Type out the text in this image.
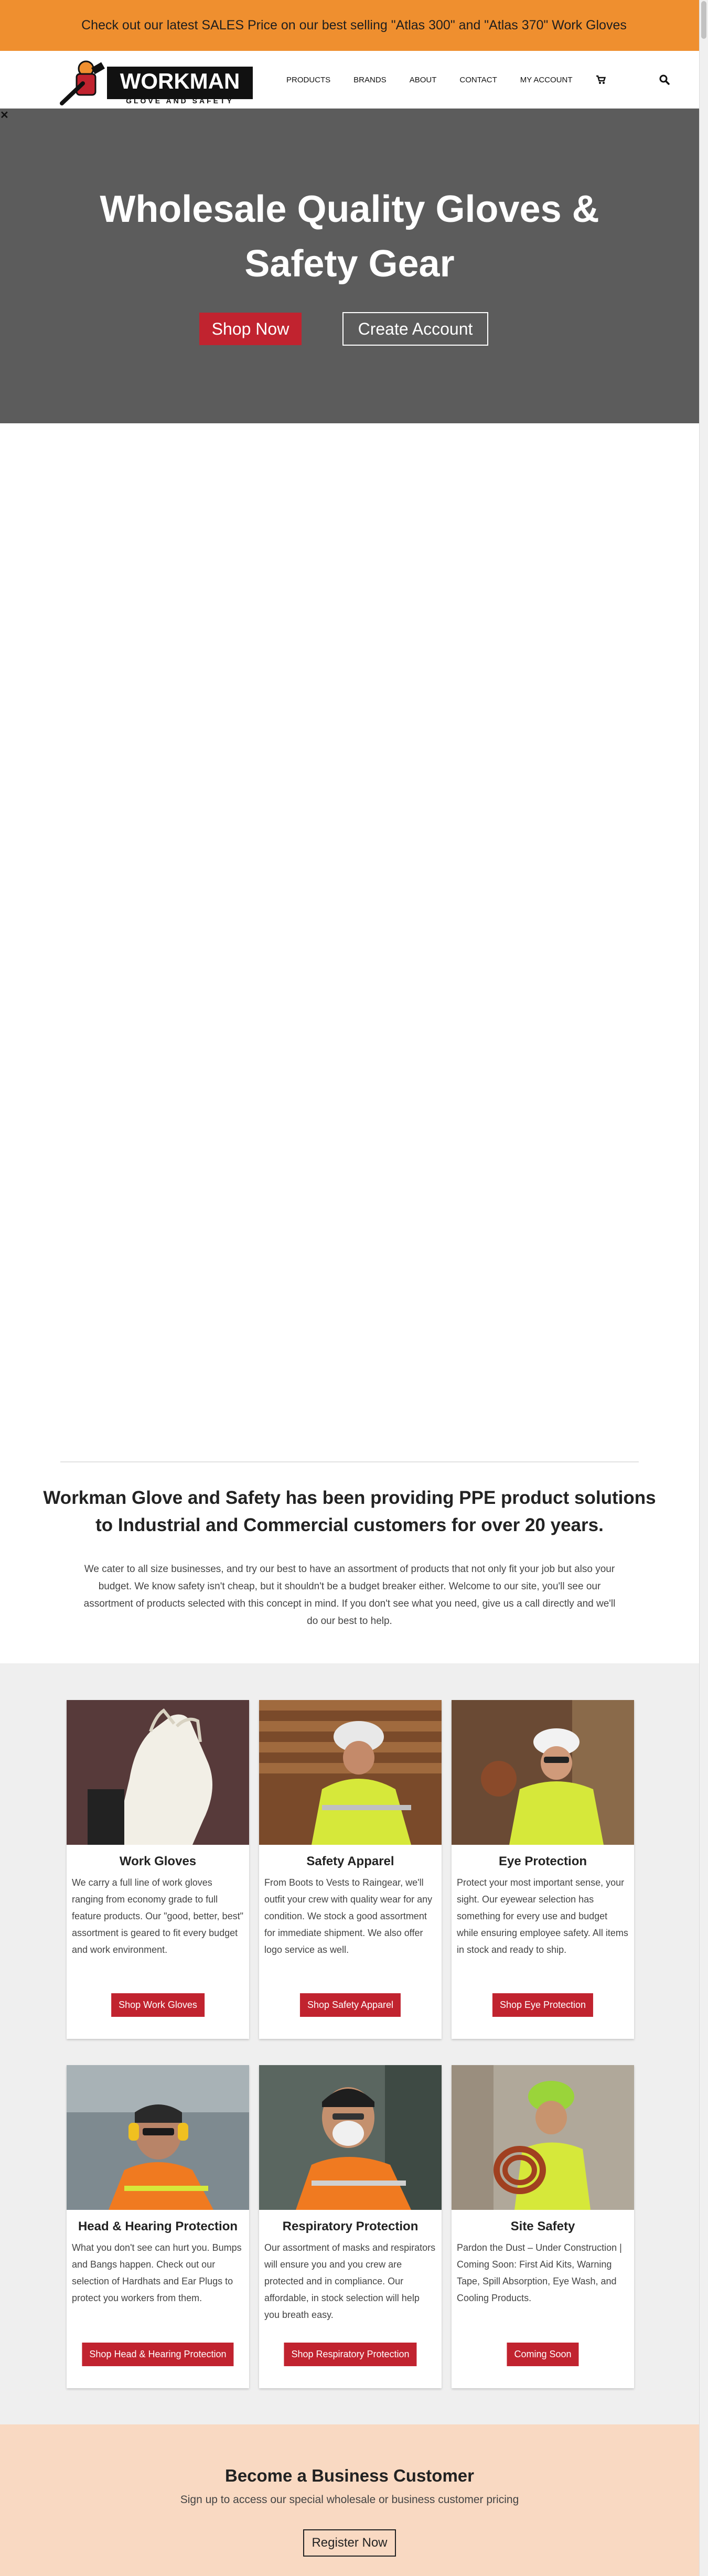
Check out our latest SALES Price on our best selling "Atlas 300" and "Atlas 370" Work Gloves
WORKMAN
GLOVE AND SAFETY
PRODUCTS	BRANDS	ABOUT	CONTACT	MY ACCOUNT
Wholesale Quality Gloves &
Safety Gear
Shop Now	Create Account
✕
Workman Glove and Safety has been providing PPE product solutions to Industrial and Commercial customers for over 20 years.

We cater to all size businesses, and try our best to have an assortment of products that not only fit your job but also your budget. We know safety isn't cheap, but it shouldn't be a budget breaker either. Welcome to our site, you'll see our assortment of products selected with this concept in mind. If you don't see what you need, give us a call directly and we'll do our best to help.

Work Gloves

We carry a full line of work gloves ranging from economy grade to full feature products. Our "good, better, best" assortment is geared to fit every budget and work environment.

Shop Work Gloves
Safety Apparel

From Boots to Vests to Raingear, we'll outfit your crew with quality wear for any condition. We stock a good assortment for immediate shipment. We also offer logo service as well.

Shop Safety Apparel
Eye Protection

Protect your most important sense, your sight. Our eyewear selection has something for every use and budget while ensuring employee safety. All items in stock and ready to ship.

Shop Eye Protection
Head & Hearing Protection

What you don't see can hurt you. Bumps and Bangs happen. Check out our selection of Hardhats and Ear Plugs to protect you workers from them.

Shop Head & Hearing Protection
Respiratory Protection

Our assortment of masks and respirators will ensure you and you crew are protected and in compliance. Our affordable, in stock selection will help you breath easy.

Shop Respiratory Protection
Site Safety

Pardon the Dust – Under Construction | Coming Soon: First Aid Kits, Warning Tape, Spill Absorption, Eye Wash, and Cooling Products.

Coming Soon
Become a Business Customer

Sign up to access our special wholesale or business customer pricing

Register Now
